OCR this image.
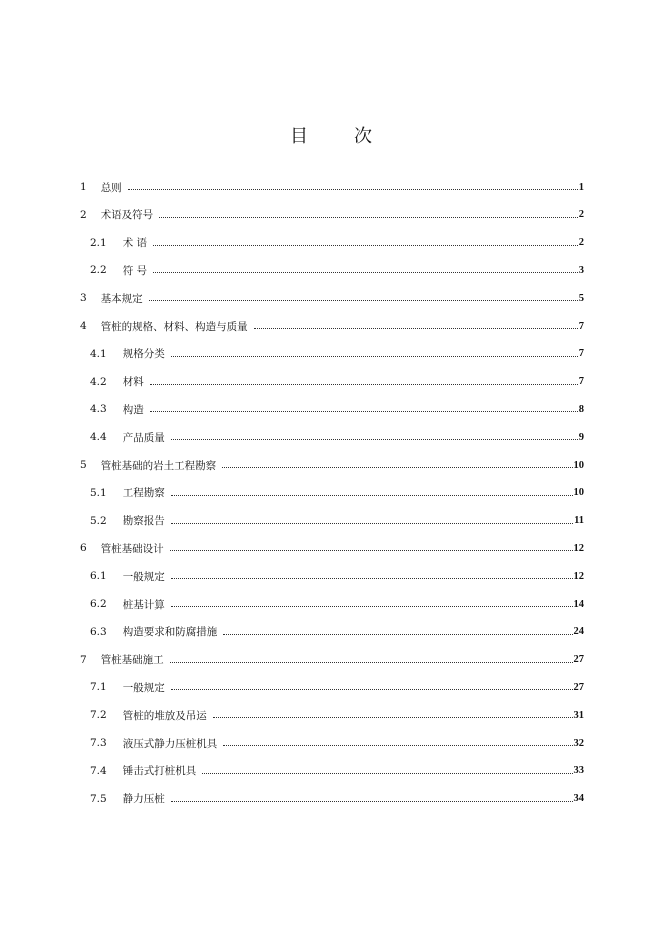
目　次
1 总则	1
2 术语及符号	2
2.1 术 语	2
2.2 符 号	3
3 基本规定	5
4 管桩的规格、材料、构造与质量	7
4.1 规格分类	7
4.2 材料	7
4.3 构造	8
4.4 产品质量	9
5 管桩基础的岩土工程勘察	10
5.1 工程勘察	10
5.2 勘察报告	11
6 管桩基础设计	12
6.1 一般规定	12
6.2 桩基计算	14
6.3 构造要求和防腐措施	24
7 管桩基础施工	27
7.1 一般规定	27
7.2 管桩的堆放及吊运	31
7.3 液压式静力压桩机具	32
7.4 锤击式打桩机具	33
7.5 静力压桩	34
